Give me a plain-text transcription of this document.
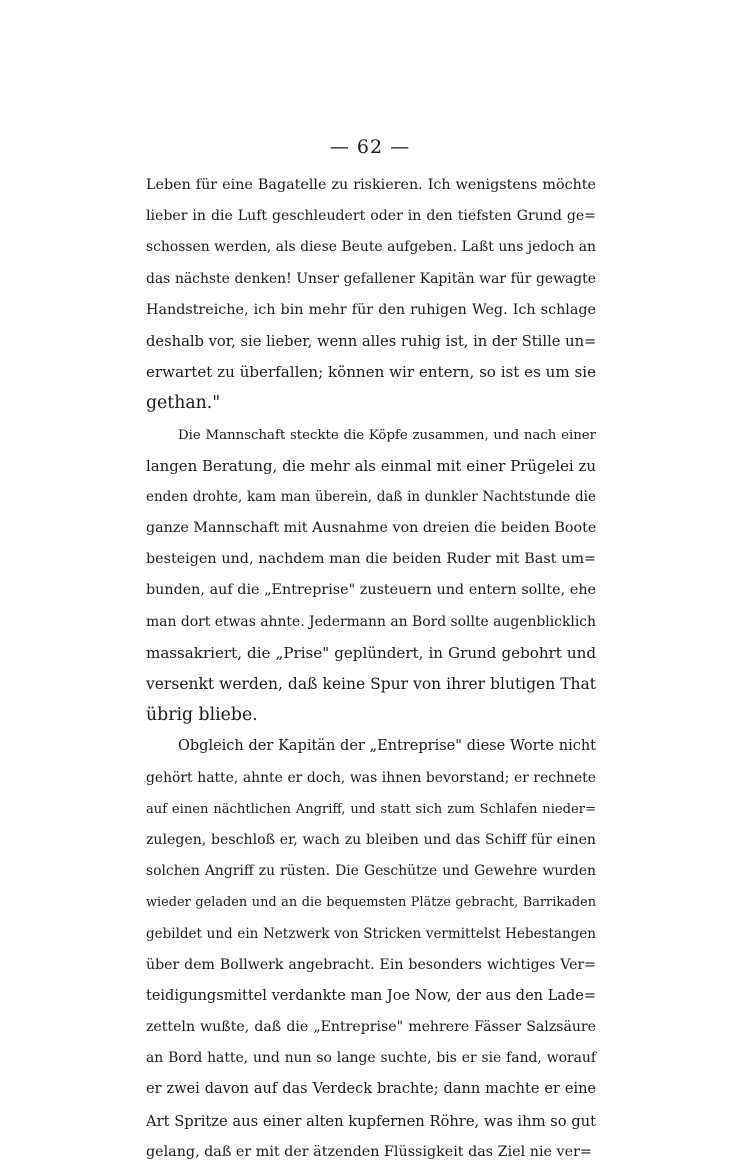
— 62 —
Leben für eine Bagatelle zu riskieren. Ich wenigstens möchte
lieber in die Luft geschleudert oder in den tiefsten Grund ge=
schossen werden, als diese Beute aufgeben. Laßt uns jedoch an
das nächste denken! Unser gefallener Kapitän war für gewagte
Handstreiche, ich bin mehr für den ruhigen Weg. Ich schlage
deshalb vor, sie lieber, wenn alles ruhig ist, in der Stille un=
erwartet zu überfallen; können wir entern, so ist es um sie
gethan."
Die Mannschaft steckte die Köpfe zusammen, und nach einer
langen Beratung, die mehr als einmal mit einer Prügelei zu
enden drohte, kam man überein, daß in dunkler Nachtstunde die
ganze Mannschaft mit Ausnahme von dreien die beiden Boote
besteigen und, nachdem man die beiden Ruder mit Bast um=
bunden, auf die „Entreprise" zusteuern und entern sollte, ehe
man dort etwas ahnte. Jedermann an Bord sollte augenblicklich
massakriert, die „Prise" geplündert, in Grund gebohrt und
versenkt werden, daß keine Spur von ihrer blutigen That
übrig bliebe.
Obgleich der Kapitän der „Entreprise" diese Worte nicht
gehört hatte, ahnte er doch, was ihnen bevorstand; er rechnete
auf einen nächtlichen Angriff, und statt sich zum Schlafen nieder=
zulegen, beschloß er, wach zu bleiben und das Schiff für einen
solchen Angriff zu rüsten. Die Geschütze und Gewehre wurden
wieder geladen und an die bequemsten Plätze gebracht, Barrikaden
gebildet und ein Netzwerk von Stricken vermittelst Hebestangen
über dem Bollwerk angebracht. Ein besonders wichtiges Ver=
teidigungsmittel verdankte man Joe Now, der aus den Lade=
zetteln wußte, daß die „Entreprise" mehrere Fässer Salzsäure
an Bord hatte, und nun so lange suchte, bis er sie fand, worauf
er zwei davon auf das Verdeck brachte; dann machte er eine
Art Spritze aus einer alten kupfernen Röhre, was ihm so gut
gelang, daß er mit der ätzenden Flüssigkeit das Ziel nie ver=
